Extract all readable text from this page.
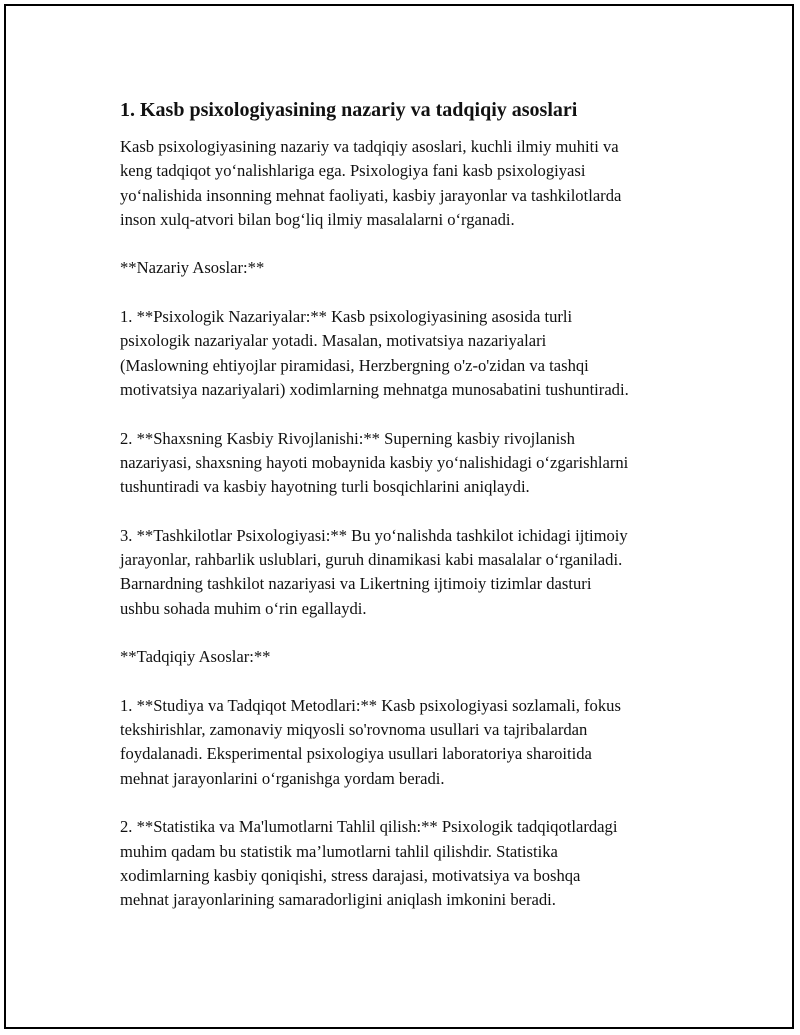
1. Kasb psixologiyasining nazariy va tadqiqiy asoslari
Kasb psixologiyasining nazariy va tadqiqiy asoslari, kuchli ilmiy muhiti va
keng tadqiqot yo‘nalishlariga ega. Psixologiya fani kasb psixologiyasi
yo‘nalishida insonning mehnat faoliyati, kasbiy jarayonlar va tashkilotlarda
inson xulq-atvori bilan bog‘liq ilmiy masalalarni o‘rganadi.
**Nazariy Asoslar:**
1. **Psixologik Nazariyalar:** Kasb psixologiyasining asosida turli
psixologik nazariyalar yotadi. Masalan, motivatsiya nazariyalari
(Maslowning ehtiyojlar piramidasi, Herzbergning o'z-o'zidan va tashqi
motivatsiya nazariyalari) xodimlarning mehnatga munosabatini tushuntiradi.
2. **Shaxsning Kasbiy Rivojlanishi:** Superning kasbiy rivojlanish
nazariyasi, shaxsning hayoti mobaynida kasbiy yo‘nalishidagi o‘zgarishlarni
tushuntiradi va kasbiy hayotning turli bosqichlarini aniqlaydi.
3. **Tashkilotlar Psixologiyasi:** Bu yo‘nalishda tashkilot ichidagi ijtimoiy
jarayonlar, rahbarlik uslublari, guruh dinamikasi kabi masalalar o‘rganiladi.
Barnardning tashkilot nazariyasi va Likertning ijtimoiy tizimlar dasturi
ushbu sohada muhim o‘rin egallaydi.
**Tadqiqiy Asoslar:**
1. **Studiya va Tadqiqot Metodlari:** Kasb psixologiyasi sozlamali, fokus
tekshirishlar, zamonaviy miqyosli so'rovnoma usullari va tajribalardan
foydalanadi. Eksperimental psixologiya usullari laboratoriya sharoitida
mehnat jarayonlarini o‘rganishga yordam beradi.
2. **Statistika va Ma'lumotlarni Tahlil qilish:** Psixologik tadqiqotlardagi
muhim qadam bu statistik ma’lumotlarni tahlil qilishdir. Statistika
xodimlarning kasbiy qoniqishi, stress darajasi, motivatsiya va boshqa
mehnat jarayonlarining samaradorligini aniqlash imkonini beradi.
